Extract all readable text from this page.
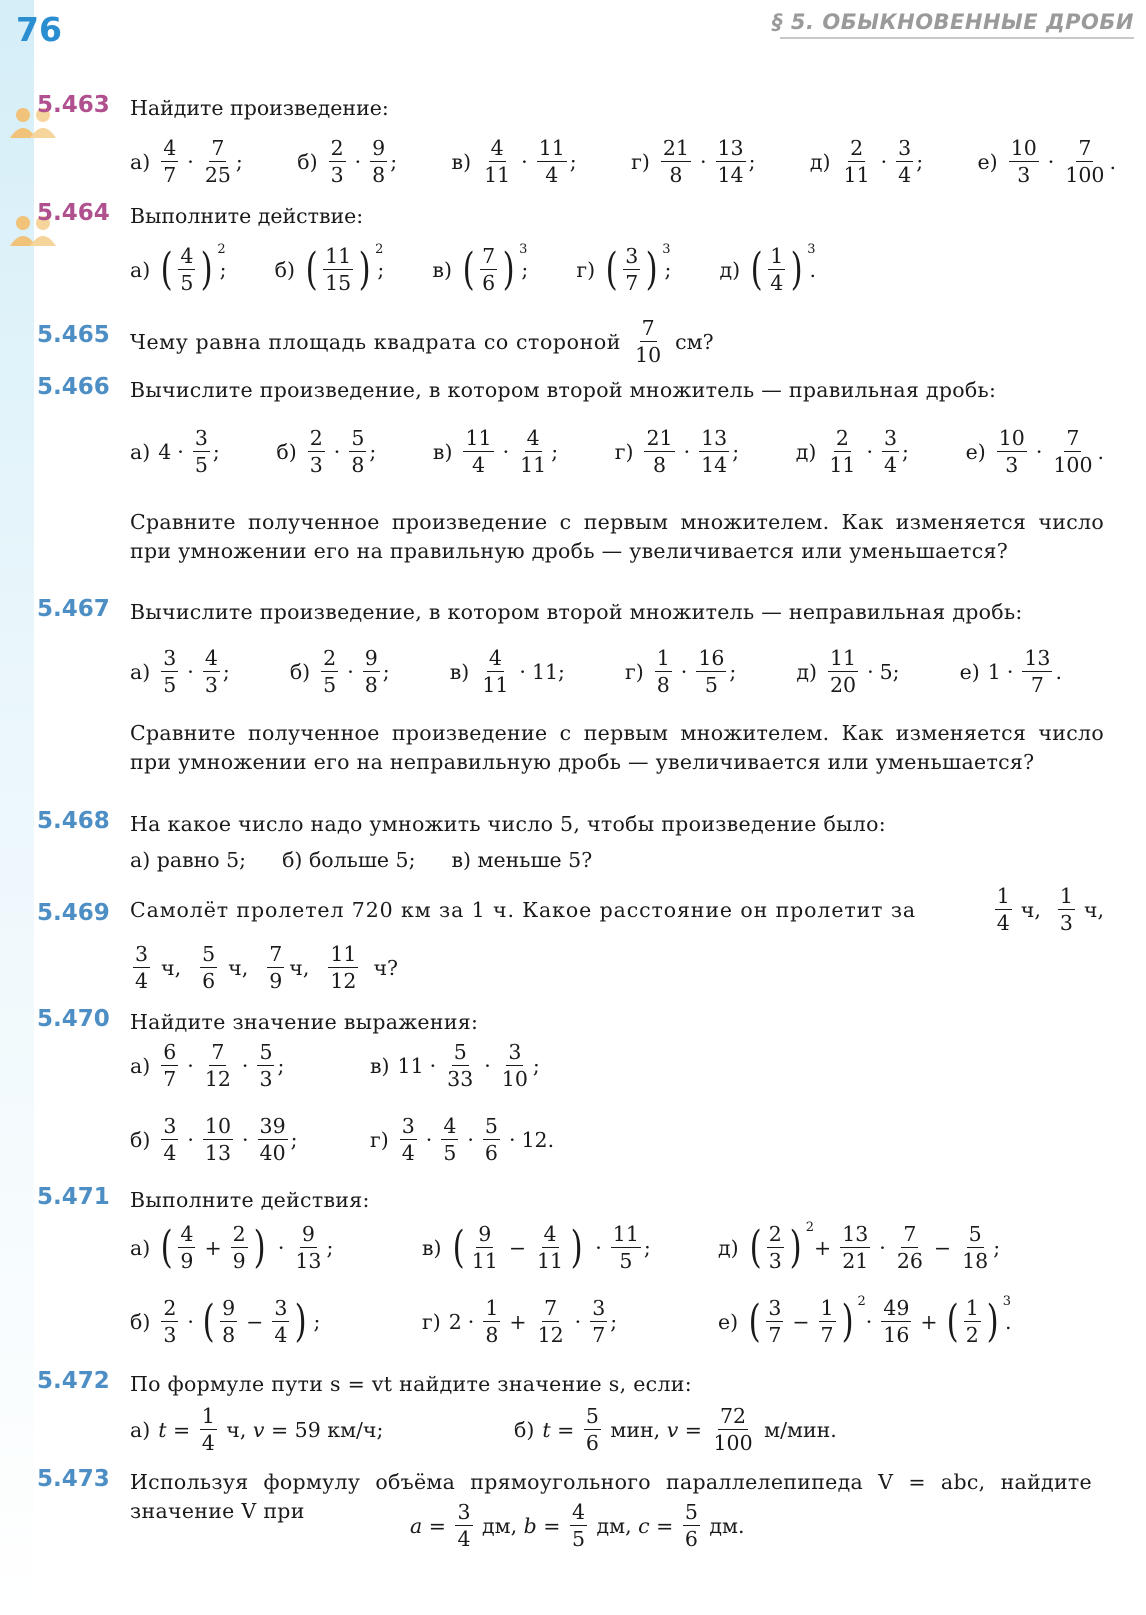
76	§ 5. ОБЫКНОВЕННЫЕ ДРОБИ
5.463 Найдите произведение:
а)
4
7
·
7
25
;	б)
2
3
·
9
8
;	в)
4
11
·
11
4
;	г)
21
8
·
13
14
;	д)
2
11
·
3
4
;	е)
10
3
·
7
100
.
5.464 Выполните действие:
а) ( 4
5 ) $^2$
; б) ( 11
15 ) $^2$
; в) ( 7
6 ) $^3$
; г) ( 3
7 ) $^3$
; д) ( 1
4 ) $^3$
.
5.465 Чему равна площадь квадрата со стороной $\frac{7}{10}$ см?
5.466 Вычислите произведение, в котором второй множитель — правильная дробь:
а) 4 ·
3
5
;	б)
2
3
·
5
8
;	в)
11
4
·
4
11
;	г)
21
8
·
13
14
;	д)
2
11
·
3
4
;	е)
10
3
·
7
100
.
Сравните полученное произведение с первым множителем. Как изменяется число при умножении его на правильную дробь — увеличивается или уменьшается?
5.467 Вычислите произведение, в котором второй множитель — неправильная дробь:
а)
3
5
·
4
3
;	б)
2
5
·
9
8
;	в)
4
11
· 11;	г)
1
8
·
16
5
;	д)
11
20
· 5;	е) 1 ·
13
7
.
Сравните полученное произведение с первым множителем. Как изменяется число при умножении его на неправильную дробь — увеличивается или уменьшается?
5.468 На какое число надо умножить число 5, чтобы произведение было:
а) равно 5; б) больше 5; в) меньше 5?
5.469 Самолёт пролетел 720 км за 1 ч. Какое расстояние он пролетит за
1
4
ч,
1
3
ч,
3
4
ч,
5
6
ч,
7
9
ч,
11
12
ч?
5.470 Найдите значение выражения:
а)
6
7
·
7
12
·
5
3
;	в) 11 ·
5
33
·
3
10
;
б)
3
4
·
10
13
·
39
40
;	г)
3
4
·
4
5
·
5
6
· 12.
5.471 Выполните действия:
а) ( 4
9
+ $\frac{2}{9}$ ) ·
9
13
;	в) ( 9
11
− $\frac{4}{11}$ ) ·
11
5
;	д) ( 2
3 ) $^2$
+ $\frac{13}{21}$ ·
7
26
− $\frac{5}{18}$ ;
б)
2
3
· ( 9
8
− $\frac{3}{4}$ ) ;	г) 2 ·
1
8
+ $\frac{7}{12}$ ·
3
7
;	е) ( 3
7
− $\frac{1}{7}$ ) $^2$
·
49
16
+ ( 1
2 ) $^3$
.
5.472 По формуле пути s = vt найдите значение s, если:
а) t =
1
4
ч, v = 59 км/ч;	б) t =
5
6
мин, v =
72
100
м/мин.
5.473 Используя формулу объёма прямоугольного параллелепипеда V = abc, найдите значение V при
a =
3
4
дм, b =
4
5
дм, c =
5
6
дм.
